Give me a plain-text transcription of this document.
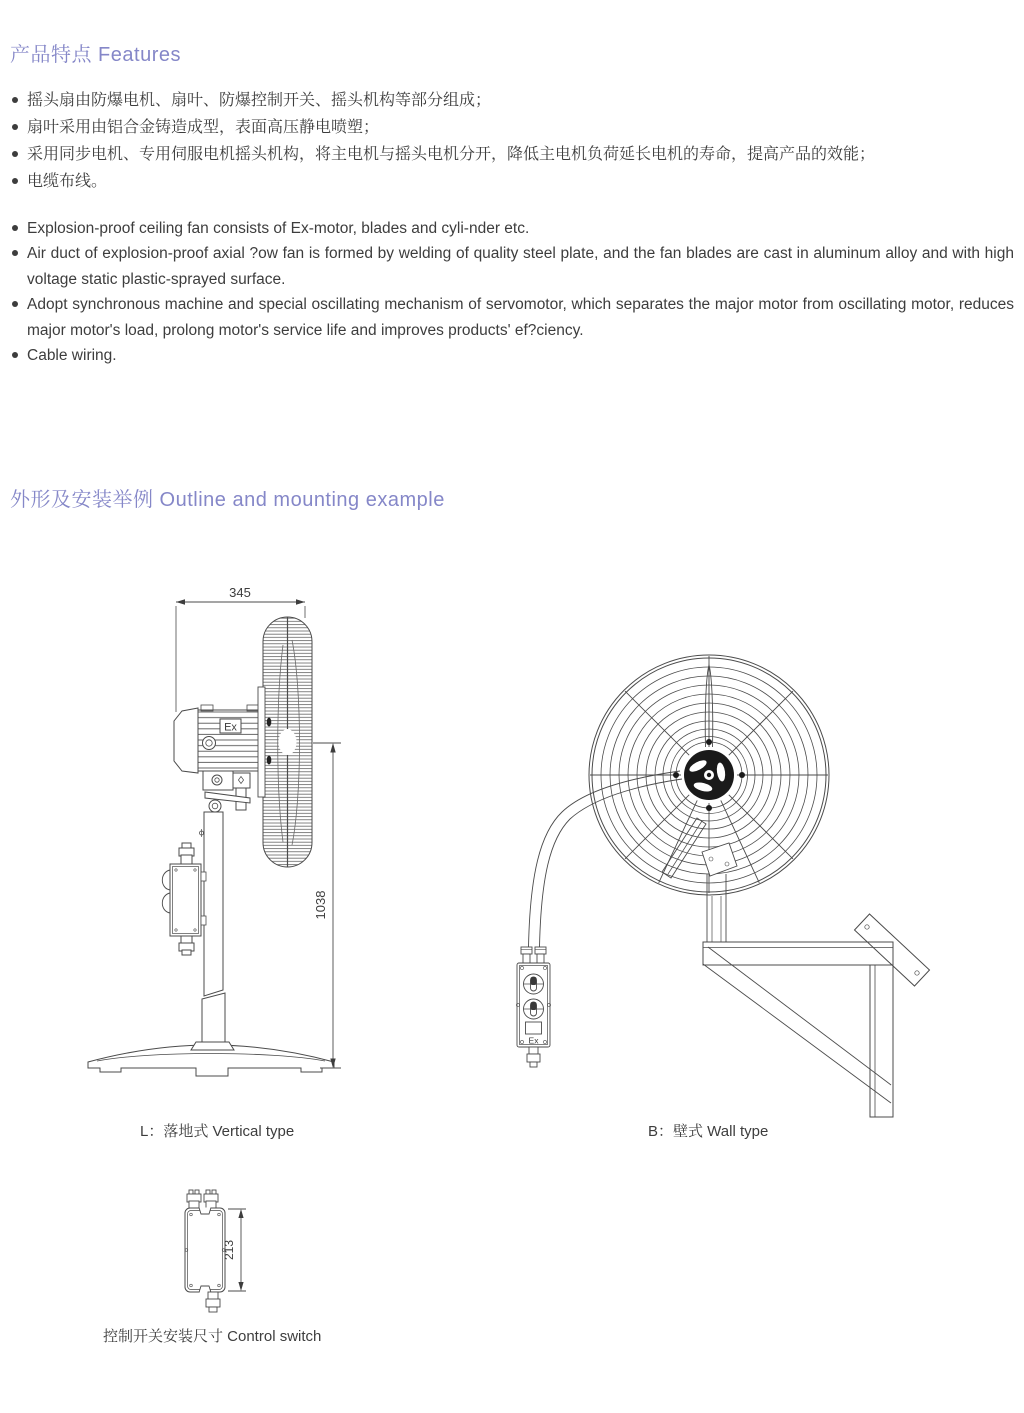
产品特点 Features
摇头扇由防爆电机、扇叶、防爆控制开关、摇头机构等部分组成；
扇叶采用由铝合金铸造成型，表面高压静电喷塑；
采用同步电机、专用伺服电机摇头机构，将主电机与摇头电机分开，降低主电机负荷延长电机的寿命，提高产品的效能；
电缆布线。
Explosion-proof ceiling fan consists of Ex-motor, blades and cyli-nder etc.
Air duct of explosion-proof axial ?ow fan is formed by welding of quality steel plate, and the fan blades are cast in aluminum alloy and with high voltage static plastic-sprayed surface.
Adopt synchronous machine and special oscillating mechanism of servomotor, which separates the major motor from oscillating motor, reduces major motor's load, prolong motor's service life and improves products' ef?ciency.
Cable wiring.
外形及安装举例 Outline and mounting example
Ex
345
1038
Ex
213
L：落地式 Vertical type	B：壁式 Wall type
控制开关安装尺寸 Control switch
